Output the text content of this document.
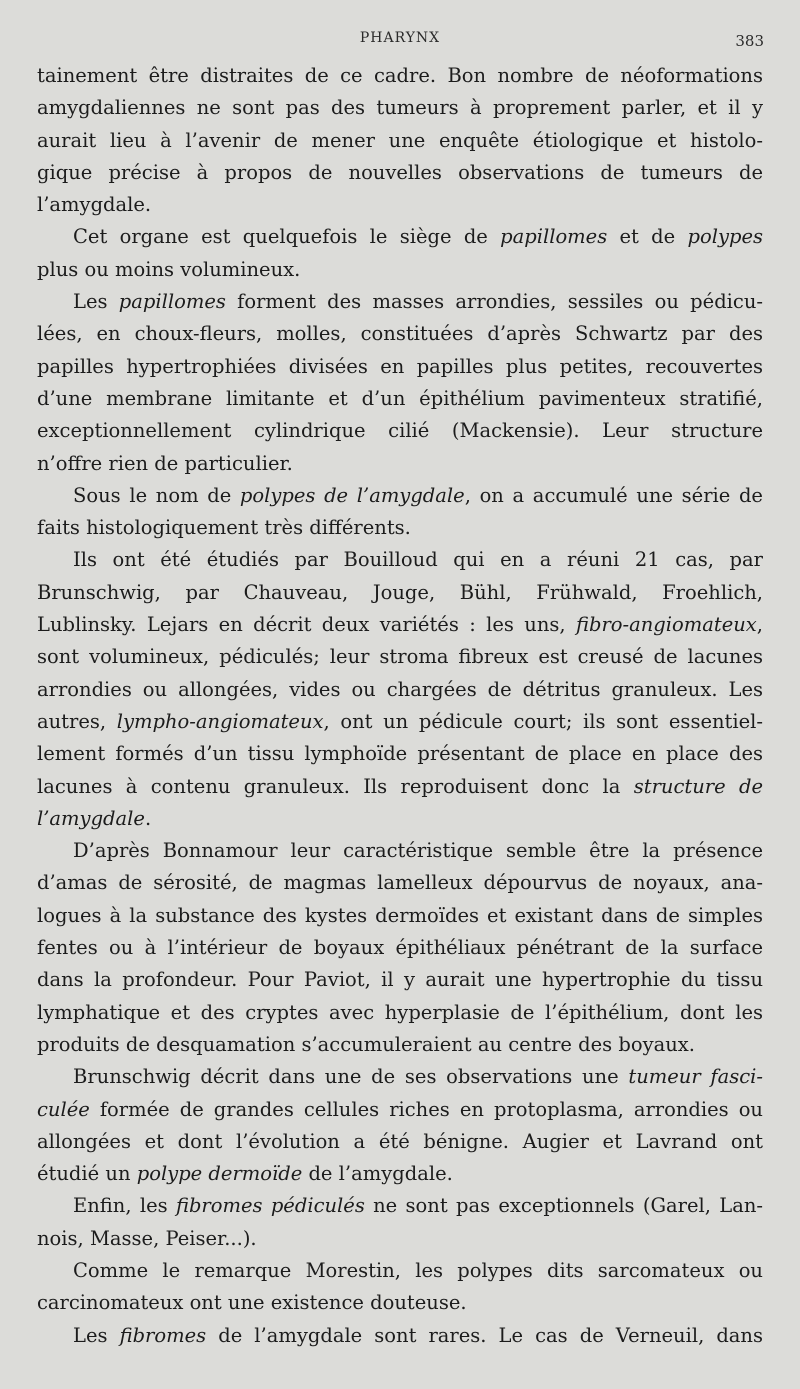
PHARYNX	383
tainement être distraites de ce cadre. Bon nombre de néoformations
amygdaliennes ne sont pas des tumeurs à proprement parler, et il y
aurait lieu à l’avenir de mener une enquête étiologique et histolo-
gique précise à propos de nouvelles observations de tumeurs de
l’amygdale.
Cet organe est quelquefois le siège de papillomes et de polypes
plus ou moins volumineux.
Les papillomes forment des masses arrondies, sessiles ou pédicu-
lées, en choux-fleurs, molles, constituées d’après Schwartz par des
papilles hypertrophiées divisées en papilles plus petites, recouvertes
d’une membrane limitante et d’un épithélium pavimenteux stratifié,
exceptionnellement cylindrique cilié (Mackensie). Leur structure
n’offre rien de particulier.
Sous le nom de polypes de l’amygdale, on a accumulé une série de
faits histologiquement très différents.
Ils ont été étudiés par Bouilloud qui en a réuni 21 cas, par
Brunschwig, par Chauveau, Jouge, Bühl, Frühwald, Froehlich,
Lublinsky. Lejars en décrit deux variétés : les uns, fibro-angiomateux,
sont volumineux, pédiculés; leur stroma fibreux est creusé de lacunes
arrondies ou allongées, vides ou chargées de détritus granuleux. Les
autres, lympho-angiomateux, ont un pédicule court; ils sont essentiel-
lement formés d’un tissu lymphoïde présentant de place en place des
lacunes à contenu granuleux. Ils reproduisent donc la structure de
l’amygdale.
D’après Bonnamour leur caractéristique semble être la présence
d’amas de sérosité, de magmas lamelleux dépourvus de noyaux, ana-
logues à la substance des kystes dermoïdes et existant dans de simples
fentes ou à l’intérieur de boyaux épithéliaux pénétrant de la surface
dans la profondeur. Pour Paviot, il y aurait une hypertrophie du tissu
lymphatique et des cryptes avec hyperplasie de l’épithélium, dont les
produits de desquamation s’accumuleraient au centre des boyaux.
Brunschwig décrit dans une de ses observations une tumeur fasci-
culée formée de grandes cellules riches en protoplasma, arrondies ou
allongées et dont l’évolution a été bénigne. Augier et Lavrand ont
étudié un polype dermoïde de l’amygdale.
Enfin, les fibromes pédiculés ne sont pas exceptionnels (Garel, Lan-
nois, Masse, Peiser...).
Comme le remarque Morestin, les polypes dits sarcomateux ou
carcinomateux ont une existence douteuse.
Les fibromes de l’amygdale sont rares. Le cas de Verneuil, dans
